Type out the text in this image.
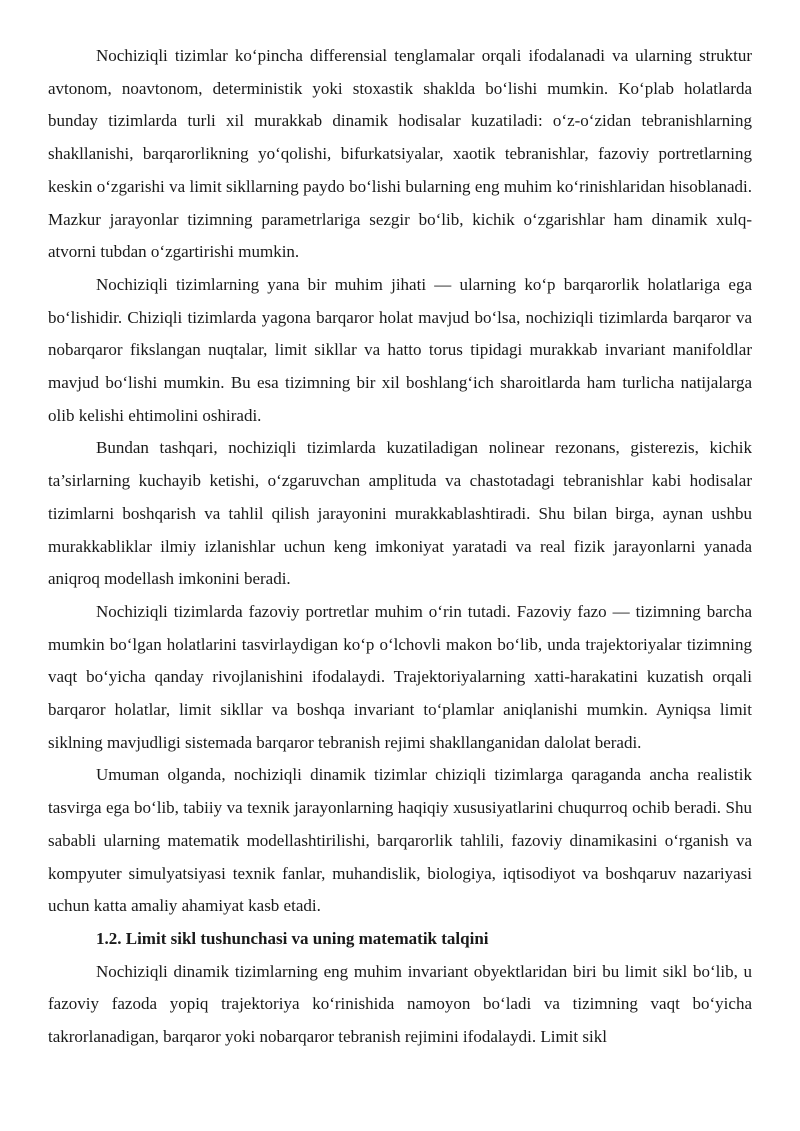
Nochiziqli tizimlar ko‘pincha differensial tenglamalar orqali ifodalanadi va ularning struktur avtonom, noavtonom, deterministik yoki stoxastik shaklda bo‘lishi mumkin. Ko‘plab holatlarda bunday tizimlarda turli xil murakkab dinamik hodisalar kuzatiladi: o‘z-o‘zidan tebranishlarning shakllanishi, barqarorlikning yo‘qolishi, bifurkatsiyalar, xaotik tebranishlar, fazoviy portretlarning keskin o‘zgarishi va limit sikllarning paydo bo‘lishi bularning eng muhim ko‘rinishlaridan hisoblanadi. Mazkur jarayonlar tizimning parametrlariga sezgir bo‘lib, kichik o‘zgarishlar ham dinamik xulq-atvorni tubdan o‘zgartirishi mumkin.

Nochiziqli tizimlarning yana bir muhim jihati — ularning ko‘p barqarorlik holatlariga ega bo‘lishidir. Chiziqli tizimlarda yagona barqaror holat mavjud bo‘lsa, nochiziqli tizimlarda barqaror va nobarqaror fikslangan nuqtalar, limit sikllar va hatto torus tipidagi murakkab invariant manifoldlar mavjud bo‘lishi mumkin. Bu esa tizimning bir xil boshlang‘ich sharoitlarda ham turlicha natijalarga olib kelishi ehtimolini oshiradi.

Bundan tashqari, nochiziqli tizimlarda kuzatiladigan nolinear rezonans, gisterezis, kichik ta’sirlarning kuchayib ketishi, o‘zgaruvchan amplituda va chastotadagi tebranishlar kabi hodisalar tizimlarni boshqarish va tahlil qilish jarayonini murakkablashtiradi. Shu bilan birga, aynan ushbu murakkabliklar ilmiy izlanishlar uchun keng imkoniyat yaratadi va real fizik jarayonlarni yanada aniqroq modellash imkonini beradi.

Nochiziqli tizimlarda fazoviy portretlar muhim o‘rin tutadi. Fazoviy fazo — tizimning barcha mumkin bo‘lgan holatlarini tasvirlaydigan ko‘p o‘lchovli makon bo‘lib, unda trajektoriyalar tizimning vaqt bo‘yicha qanday rivojlanishini ifodalaydi. Trajektoriyalarning xatti-harakatini kuzatish orqali barqaror holatlar, limit sikllar va boshqa invariant to‘plamlar aniqlanishi mumkin. Ayniqsa limit siklning mavjudligi sistemada barqaror tebranish rejimi shakllanganidan dalolat beradi.

Umuman olganda, nochiziqli dinamik tizimlar chiziqli tizimlarga qaraganda ancha realistik tasvirga ega bo‘lib, tabiiy va texnik jarayonlarning haqiqiy xususiyatlarini chuqurroq ochib beradi. Shu sababli ularning matematik modellashtirilishi, barqarorlik tahlili, fazoviy dinamikasini o‘rganish va kompyuter simulyatsiyasi texnik fanlar, muhandislik, biologiya, iqtisodiyot va boshqaruv nazariyasi uchun katta amaliy ahamiyat kasb etadi.

1.2. Limit sikl tushunchasi va uning matematik talqini

Nochiziqli dinamik tizimlarning eng muhim invariant obyektlaridan biri bu limit sikl bo‘lib, u fazoviy fazoda yopiq trajektoriya ko‘rinishida namoyon bo‘ladi va tizimning vaqt bo‘yicha takrorlanadigan, barqaror yoki nobarqaror tebranish rejimini ifodalaydi. Limit sikl
